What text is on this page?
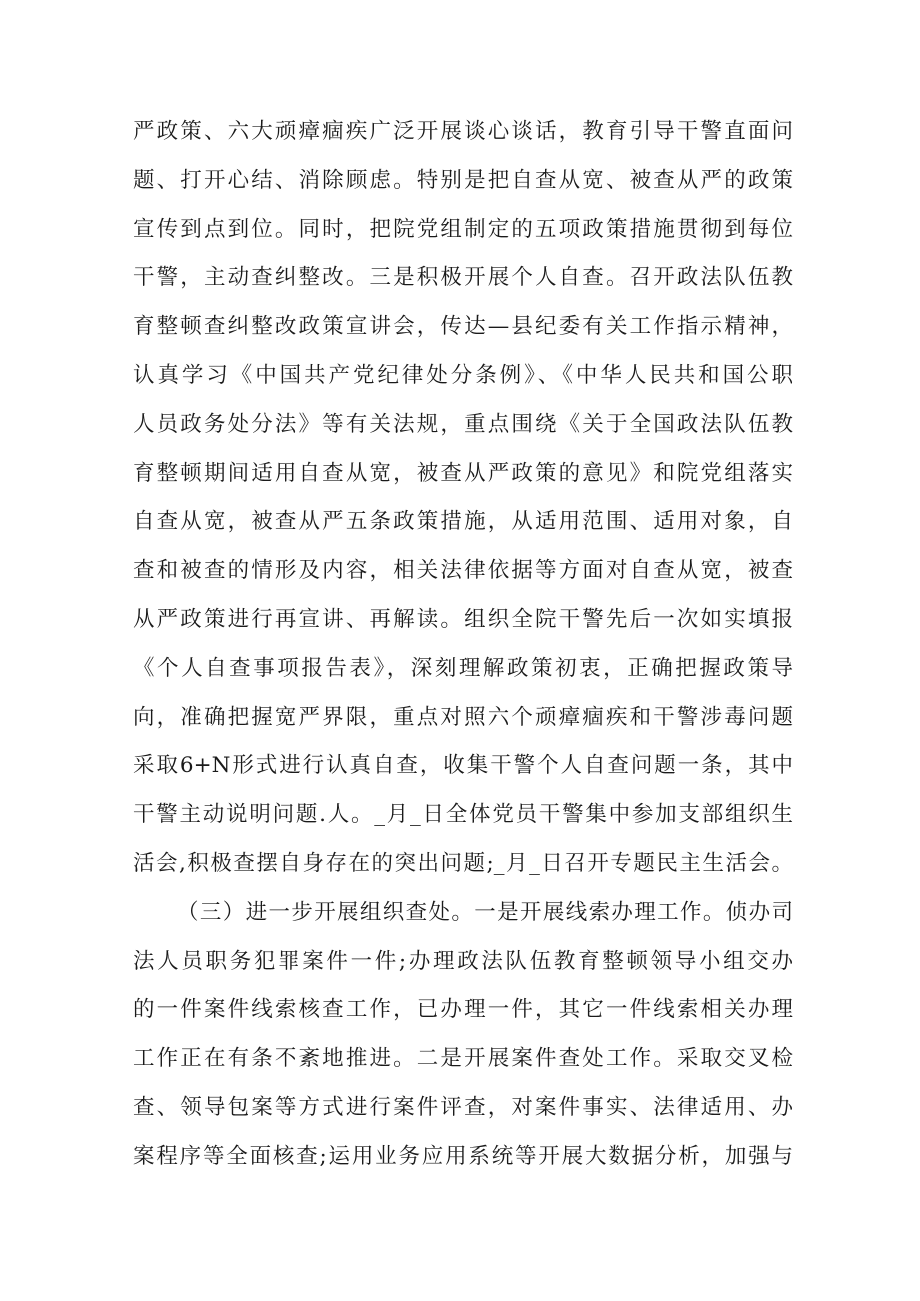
严政策、六大顽瘴痼疾广泛开展谈心谈话，教育引导干警直面问
题、打开心结、消除顾虑。特别是把自查从宽、被查从严的政策
宣传到点到位。同时，把院党组制定的五项政策措施贯彻到每位
干警，主动查纠整改。三是积极开展个人自查。召开政法队伍教
育整顿查纠整改政策宣讲会，传达—县纪委有关工作指示精神，
认真学习《中国共产党纪律处分条例》、《中华人民共和国公职
人员政务处分法》等有关法规，重点围绕《关于全国政法队伍教
育整顿期间适用自查从宽，被查从严政策的意见》和院党组落实
自查从宽，被查从严五条政策措施，从适用范围、适用对象，自
查和被查的情形及内容，相关法律依据等方面对自查从宽，被查
从严政策进行再宣讲、再解读。组织全院干警先后一次如实填报
《个人自查事项报告表》，深刻理解政策初衷，正确把握政策导
向，准确把握宽严界限，重点对照六个顽瘴痼疾和干警涉毒问题
采取6+N形式进行认真自查，收集干警个人自查问题一条，其中
干警主动说明问题.人。_月_日全体党员干警集中参加支部组织生
活会,积极查摆自身存在的突出问题;_月_日召开专题民主生活会。
（三）进一步开展组织查处。一是开展线索办理工作。侦办司
法人员职务犯罪案件一件;办理政法队伍教育整顿领导小组交办
的一件案件线索核查工作，已办理一件，其它一件线索相关办理
工作正在有条不紊地推进。二是开展案件查处工作。采取交叉检
查、领导包案等方式进行案件评查，对案件事实、法律适用、办
案程序等全面核查;运用业务应用系统等开展大数据分析，加强与
